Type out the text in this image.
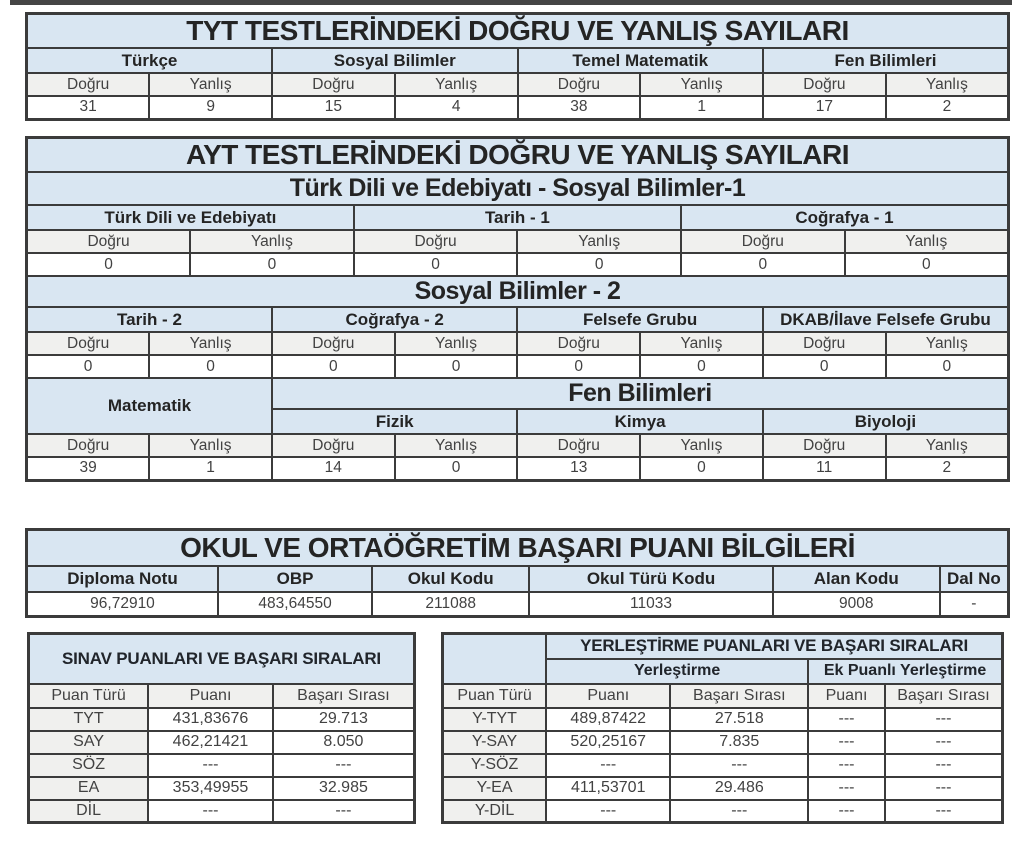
TYT TESTLERİNDEKİ DOĞRU VE YANLIŞ SAYILARI							
Türkçe		Sosyal Bilimler		Temel Matematik		Fen Bilimleri	
Doğru	Yanlış	Doğru	Yanlış	Doğru	Yanlış	Doğru	Yanlış
31	9	15	4	38	1	17	2
AYT TESTLERİNDEKİ DOĞRU VE YANLIŞ SAYILARI											
Türk Dili ve Edebiyatı - Sosyal Bilimler-1											
Türk Dili ve Edebiyatı				Tarih - 1				Coğrafya - 1			
Doğru		Yanlış		Doğru		Yanlış		Doğru		Yanlış	
0		0		0		0		0		0	
Sosyal Bilimler - 2											
Tarih - 2			Coğrafya - 2			Felsefe Grubu			DKAB/İlave Felsefe Grubu		
Doğru	Yanlış		Doğru		Yanlış	Doğru	Yanlış		Doğru		Yanlış
0	0		0		0	0	0		0		0
Matematik			Fen Bilimleri								
			Fizik			Kimya			Biyoloji		
Doğru	Yanlış		Doğru		Yanlış	Doğru	Yanlış		Doğru		Yanlış
39	1		14		0	13	0		11		2
OKUL VE ORTAÖĞRETİM BAŞARI PUANI BİLGİLERİ					
Diploma Notu	OBP	Okul Kodu	Okul Türü Kodu	Alan Kodu	Dal No
96,72910	483,64550	211088	11033	9008	-
SINAV PUANLARI VE BAŞARI SIRALARI		

Puan Türü	Puanı	Başarı Sırası
TYT	431,83676	29.713
SAY	462,21421	8.050
SÖZ	---	---
EA	353,49955	32.985
DİL	---	---
	YERLEŞTİRME PUANLARI VE BAŞARI SIRALARI			
	Yerleştirme		Ek Puanlı Yerleştirme	
Puan Türü	Puanı	Başarı Sırası	Puanı	Başarı Sırası
Y-TYT	489,87422	27.518	---	---
Y-SAY	520,25167	7.835	---	---
Y-SÖZ	---	---	---	---
Y-EA	411,53701	29.486	---	---
Y-DİL	---	---	---	---
